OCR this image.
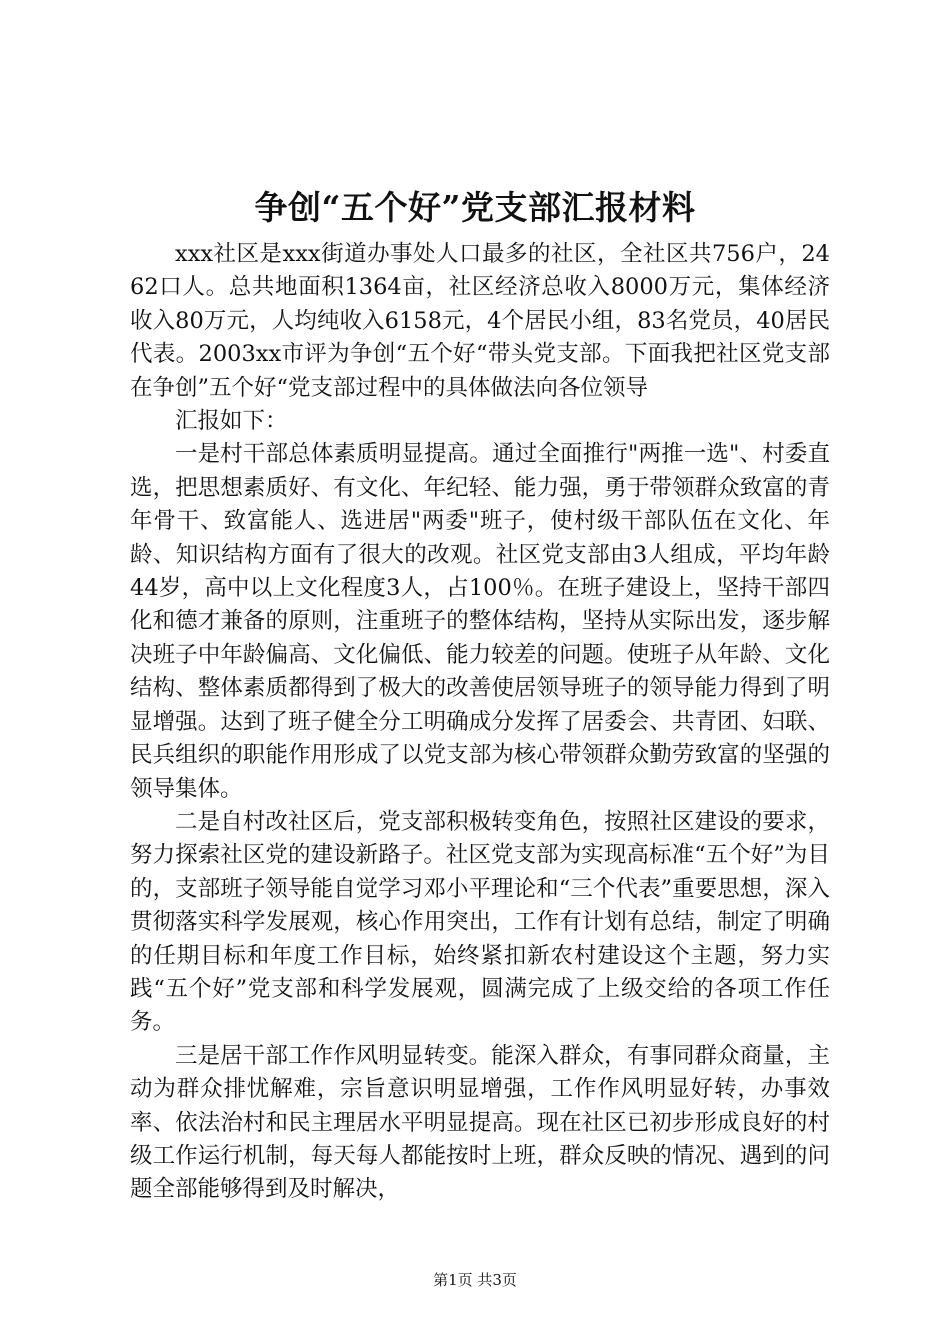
争创“五个好”党支部汇报材料

xxx社区是xxx街道办事处人口最多的社区，全社区共756户，2462口人。总共地面积1364亩，社区经济总收入8000万元，集体经济收入80万元，人均纯收入6158元，4个居民小组，83名党员，40居民代表。2003xx市评为争创“五个好“带头党支部。下面我把社区党支部在争创”五个好“党支部过程中的具体做法向各位领导

汇报如下：

一是村干部总体素质明显提高。通过全面推行"两推一选"、村委直选，把思想素质好、有文化、年纪轻、能力强，勇于带领群众致富的青年骨干、致富能人、选进居"两委"班子，使村级干部队伍在文化、年龄、知识结构方面有了很大的改观。社区党支部由3人组成，平均年龄44岁，高中以上文化程度3人，占100％。在班子建设上，坚持干部四化和德才兼备的原则，注重班子的整体结构，坚持从实际出发，逐步解决班子中年龄偏高、文化偏低、能力较差的问题。使班子从年龄、文化结构、整体素质都得到了极大的改善使居领导班子的领导能力得到了明显增强。达到了班子健全分工明确成分发挥了居委会、共青团、妇联、民兵组织的职能作用形成了以党支部为核心带领群众勤劳致富的坚强的领导集体。

二是自村改社区后，党支部积极转变角色，按照社区建设的要求，努力探索社区党的建设新路子。社区党支部为实现高标准“五个好”为目的，支部班子领导能自觉学习邓小平理论和“三个代表”重要思想，深入贯彻落实科学发展观，核心作用突出，工作有计划有总结，制定了明确的任期目标和年度工作目标，始终紧扣新农村建设这个主题，努力实践“五个好”党支部和科学发展观，圆满完成了上级交给的各项工作任务。

三是居干部工作作风明显转变。能深入群众，有事同群众商量，主动为群众排忧解难，宗旨意识明显增强，工作作风明显好转，办事效率、依法治村和民主理居水平明显提高。现在社区已初步形成良好的村级工作运行机制，每天每人都能按时上班，群众反映的情况、遇到的问题全部能够得到及时解决，

第1页 共3页
